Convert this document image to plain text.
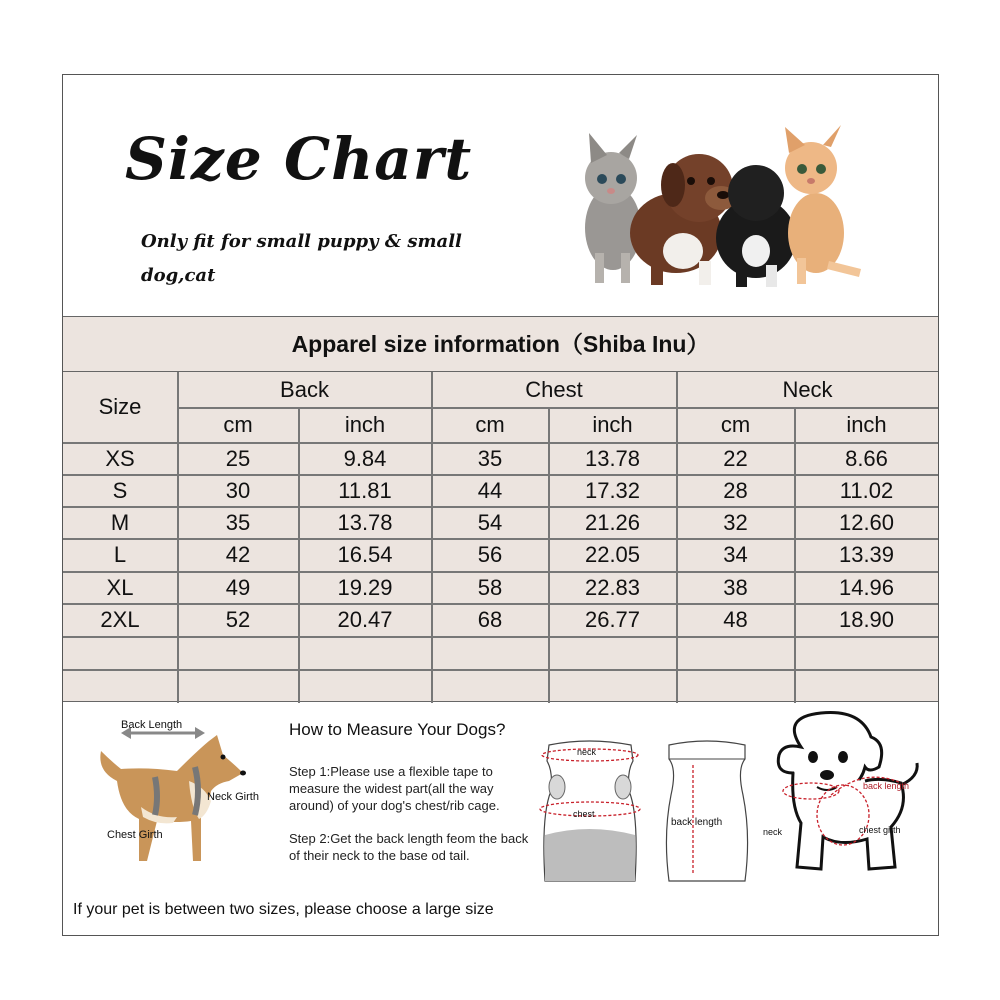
Size Chart
Only fit for small puppy & small dog,cat
Apparel size information（Shiba Inu）
Size
Back	Chest	Neck
cm	inch	cm	inch	cm	inch
XS	25	9.84	35	13.78	22	8.66
S	30	11.81	44	17.32	28	11.02
M	35	13.78	54	21.26	32	12.60
L	42	16.54	56	22.05	34	13.39
XL	49	19.29	58	22.83	38	14.96
2XL	52	20.47	68	26.77	48	18.90
Back Length
Neck Girth
Chest Girth
How to Measure Your Dogs?
Step 1:Please use a flexible tape to measure the widest part(all the way around) of your dog's chest/rib cage.
Step 2:Get the back length feom the back of their neck to the base od tail.
neck
chest
back length
back length
neck	chest girth
If your pet is between two sizes, please choose a large size
